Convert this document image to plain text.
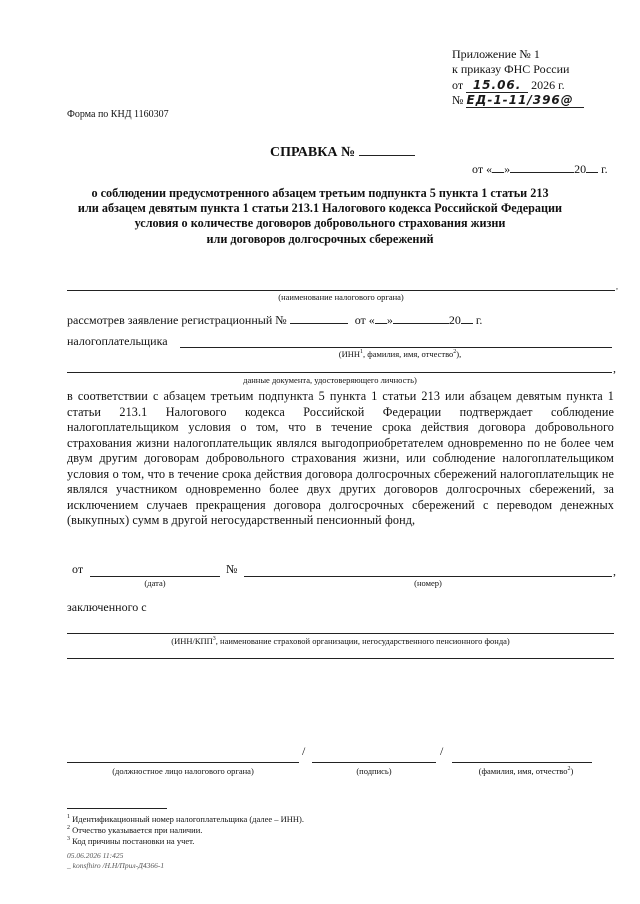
Приложение № 1
к приказу ФНС России
от 15.06. 2026 г.
№ ЕД-1-11/396@
Форма по КНД 1160307
СПРАВКА №
от « »	20 г.
о соблюдении предусмотренного абзацем третьим подпункта 5 пункта 1 статьи 213
или абзацем девятым пункта 1 статьи 213.1 Налогового кодекса Российской Федерации
условия о количестве договоров добровольного страхования жизни
или договоров долгосрочных сбережений
,
(наименование налогового органа)
рассмотрев заявление регистрационный №	от « »	20 г.
налогоплательщика
(ИНН$^1$, фамилия, имя, отчество$^2$),
,
данные документа, удостоверяющего личность)
в соответствии с абзацем третьим подпункта 5 пункта 1 статьи 213 или абзацем девятым пункта 1 статьи 213.1 Налогового кодекса Российской Федерации подтверждает соблюдение налогоплательщиком условия о том, что в течение срока действия договора добровольного страхования жизни налогоплательщик являлся выгодоприобретателем одновременно по не более чем двум другим договорам добровольного страхования жизни, или соблюдение налогоплательщиком условия о том, что в течение срока действия договора долгосрочных сбережений налогоплательщик не являлся участником одновременно более двух других договоров долгосрочных сбережений, за исключением случаев прекращения договора долгосрочных сбережений с переводом денежных (выкупных) сумм в другой негосударственный пенсионный фонд,
от	№	,
(дата)	(номер)
заключенного с
(ИНН/КПП$^3$, наименование страховой организации, негосударственного пенсионного фонда)
/	/
(должностное лицо налогового органа)	(подпись)	(фамилия, имя, отчество$^2$)
$^1$ Идентификационный номер налогоплательщика (далее – ИНН).
$^2$ Отчество указывается при наличии.
$^3$ Код причины постановки на учет.
05.06.2026 11:425
_ konsfhiro /Н.Н/Прил-Д4366-1
